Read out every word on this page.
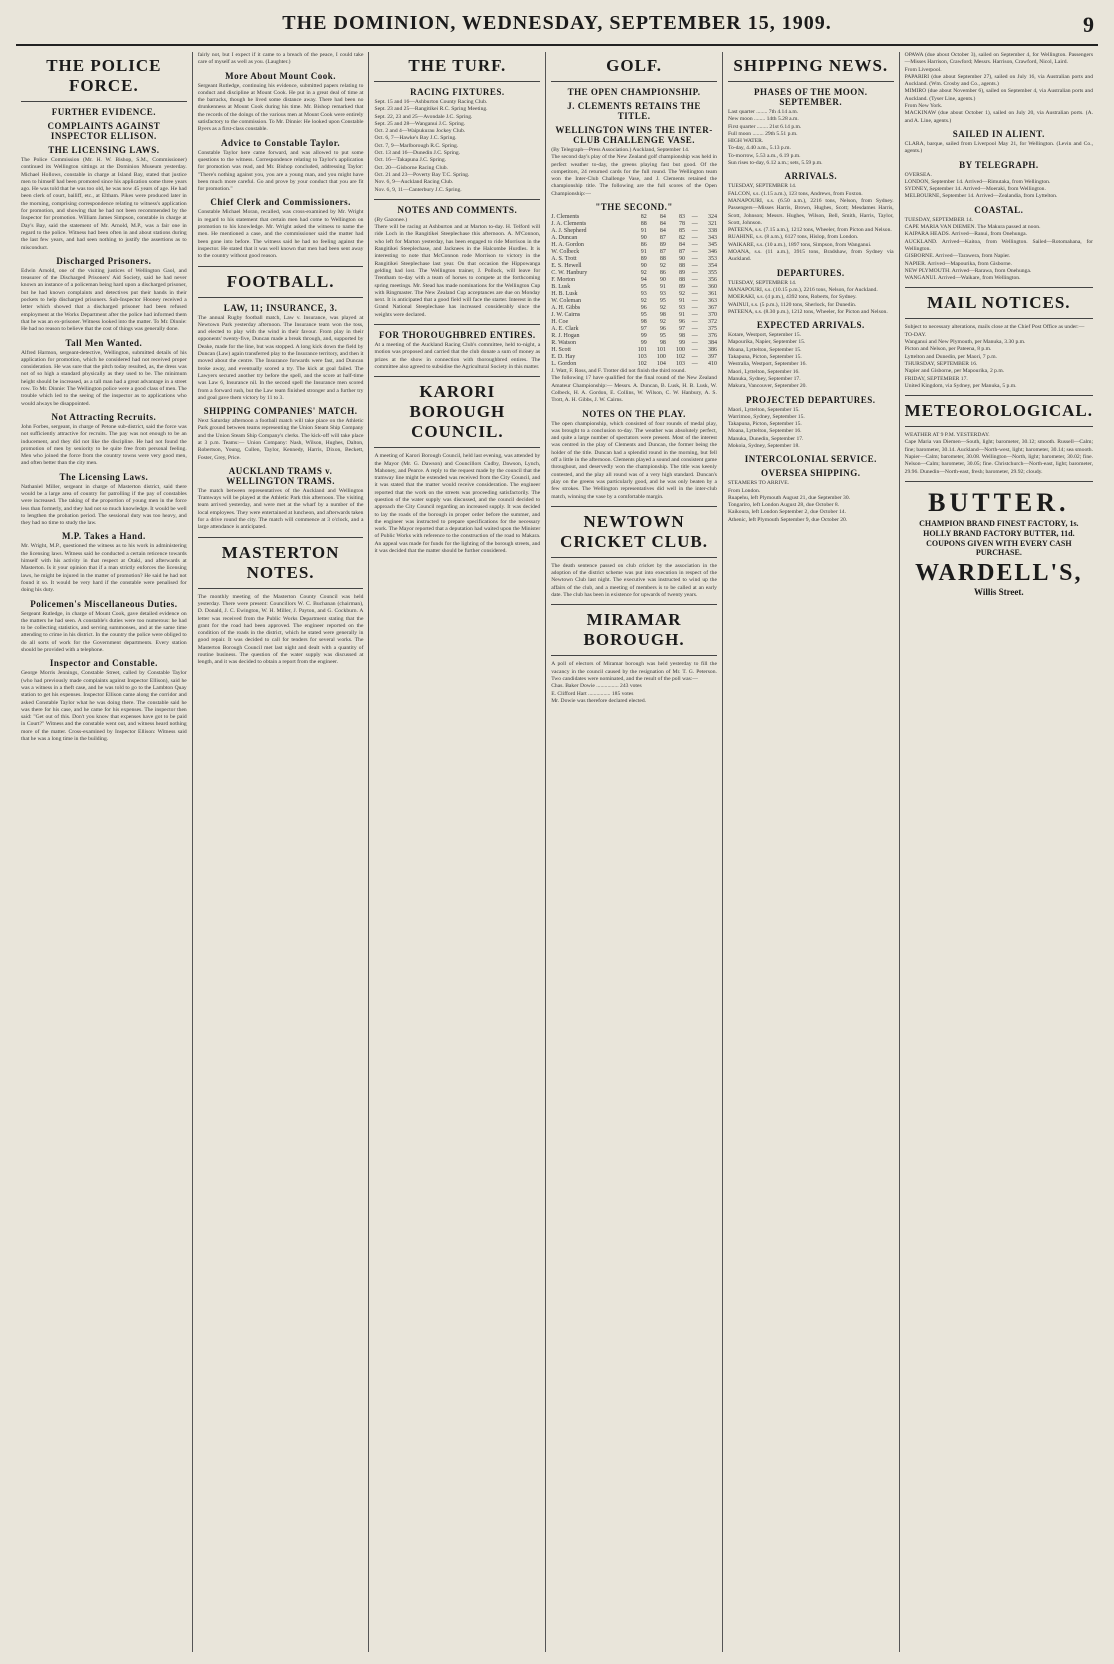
THE DOMINION, WEDNESDAY, SEPTEMBER 15, 1909.	9
THE POLICE FORCE.
FURTHER EVIDENCE.
COMPLAINTS AGAINST INSPECTOR ELLISON.
THE LICENSING LAWS.
The Police Commission (Mr. H. W. Bishop, S.M., Commissioner) continued its Wellington sittings at the Dominion Museum yesterday. Michael Hollows, constable in charge at Island Bay, stated that justice men to himself had been promoted since his application some three years ago. He was told that he was too old, he was now 45 years of age. He had been clerk of court, bailiff, etc., at Eltham. Pikes were produced later in the morning, comprising correspondence relating to witness's application for promotion, and showing that he had not been recommended by the Inspector for promotion. William James Simpson, constable in charge at Day's Bay, said the statement of Mr. Arnold, M.P., was a fair one in regard to the police. Witness had been often in and about stations during the last few years, and had seen nothing to justify the assertions as to misconduct.
Discharged Prisoners.
Edwin Arnold, one of the visiting justices of Wellington Gaol, and treasurer of the Discharged Prisoners' Aid Society, said he had never known an instance of a policeman being hard upon a discharged prisoner, but he had known complaints and detectives put their hands in their pockets to help discharged prisoners. Sub-Inspector Hooney received a letter which showed that a discharged prisoner had been refused employment at the Works Department after the police had informed them that he was an ex-prisoner. Witness looked into the matter. To Mr. Dinnie: He had no reason to believe that the cost of things was generally done.
Tall Men Wanted.
Alfred Harmon, sergeant-detective, Wellington, submitted details of his application for promotion, which he considered had not received proper consideration. He was sure that the pitch today resulted, as, the dress was not of so high a standard physically as they used to be. The minimum height should be increased, as a tall man had a great advantage in a street row. To Mr. Dinnie: The Wellington police were a good class of men. The trouble which led to the seeing of the inspector as to applications who would always be disappointed.
Not Attracting Recruits.
John Forbes, sergeant, in charge of Petone sub-district, said the force was not sufficiently attractive for recruits. The pay was not enough to be an inducement, and they did not like the discipline. He had not found the promotion of men by seniority to be quite free from personal feeling. Men who joined the force from the country towns were very good men, and often better than the city men.
The Licensing Laws.
Nathaniel Miller, sergeant in charge of Masterton district, said there would be a large area of country for patrolling if the pay of constables were increased. The taking of the proportion of young men in the force less than formerly, and they had not so much knowledge. It would be well to lengthen the probation period. The sessional duty was too heavy, and they had no time to study the law.
M.P. Takes a Hand.
Mr. Wright, M.P., questioned the witness as to his work in administering the licensing laws. Witness said he conducted a certain reticence towards himself with his activity in that respect at Otaki, and afterwards at Masterton. Is it your opinion that if a man strictly enforces the licensing laws, he might be injured in the matter of promotion? He said he had not found it so. It would be very hard if the constable were penalised for doing his duty.
Policemen's Miscellaneous Duties.
Sergeant Rutledge, in charge of Mount Cook, gave detailed evidence on the matters he had seen. A constable's duties were too numerous: he had to be collecting statistics, and serving summonses, and at the same time attending to crime in his district. In the country the police were obliged to do all sorts of work for the Government departments. Every station should be provided with a telephone.
Inspector and Constable.
George Morris Jennings, Constable Street, called by Constable Taylor (who had previously made complaints against Inspector Ellison), said he was a witness in a theft case, and he was told to go to the Lambton Quay station to get his expenses. Inspector Ellison came along the corridor and asked Constable Taylor what he was doing there. The constable said he was there for his case, and he came for his expenses. The inspector then said: "Get out of this. Don't you know that expenses have got to be paid in Court?" Witness and the constable went out, and witness heard nothing more of the matter. Cross-examined by Inspector Ellison: Witness said that he was a long time in the building.
fairly not, but I expect if it came to a breach of the peace, I could take care of myself as well as you. (Laughter.)
More About Mount Cook.
Sergeant Rutledge, continuing his evidence, submitted papers relating to conduct and discipline at Mount Cook. He put in a great deal of time at the barracks, though he lived some distance away. There had been no drunkenness at Mount Cook during his time. Mr. Bishop remarked that the records of the doings of the various men at Mount Cook were entirely satisfactory to the commission. To Mr. Dinnie: He looked upon Constable Byers as a first-class constable.
Advice to Constable Taylor.
Constable Taylor here came forward, and was allowed to put some questions to the witness. Correspondence relating to Taylor's application for promotion was read, and Mr. Bishop concluded, addressing Taylor: "There's nothing against you, you are a young man, and you might have been much more careful. Go and prove by your conduct that you are fit for promotion."
Chief Clerk and Commissioners.
Constable Michael Moran, recalled, was cross-examined by Mr. Wright in regard to his statement that certain men had come to Wellington on promotion to his knowledge. Mr. Wright asked the witness to name the men. He mentioned a case, and the commissioner said the matter had been gone into before. The witness said he had no feeling against the inspector. He stated that it was well known that men had been sent away to the country without good reason.
FOOTBALL.
LAW, 11; INSURANCE, 3.
The annual Rugby football match, Law v. Insurance, was played at Newtown Park yesterday afternoon. The Insurance team won the toss, and elected to play with the wind in their favour. From play in their opponents' twenty-five, Duncan made a break through, and, supported by Deake, made for the line, but was stopped. A long kick down the field by Duncan (Law) again transferred play to the Insurance territory, and then it moved about the centre. The Insurance forwards were fast, and Duncan broke away, and eventually scored a try. The kick at goal failed. The Lawyers secured another try before the spell, and the score at half-time was Law 6, Insurance nil. In the second spell the Insurance men scored from a forward rush, but the Law team finished stronger and a further try and goal gave them victory by 11 to 3.
SHIPPING COMPANIES' MATCH.
Next Saturday afternoon a football match will take place on the Athletic Park ground between teams representing the Union Steam Ship Company and the Union Steam Ship Company's clerks. The kick-off will take place at 3 p.m. Teams:— Union Company: Nash, Wilson, Hughes, Dalton, Robertson, Young, Cullen, Taylor, Kennedy, Harris, Dixon, Beckett, Foster, Grey, Price.
AUCKLAND TRAMS v. WELLINGTON TRAMS.
The match between representatives of the Auckland and Wellington Tramways will be played at the Athletic Park this afternoon. The visiting team arrived yesterday, and were met at the wharf by a number of the local employees. They were entertained at luncheon, and afterwards taken for a drive round the city. The match will commence at 3 o'clock, and a large attendance is anticipated.
MASTERTON NOTES.
The monthly meeting of the Masterton County Council was held yesterday. There were present: Councillors W. C. Buchanan (chairman), D. Donald, J. C. Ewington, W. H. Miller, J. Payton, and G. Cockburn. A letter was received from the Public Works Department stating that the grant for the road had been approved. The engineer reported on the condition of the roads in the district, which he stated were generally in good repair. It was decided to call for tenders for several works. The Masterton Borough Council met last night and dealt with a quantity of routine business. The question of the water supply was discussed at length, and it was decided to obtain a report from the engineer.
THE TURF.
RACING FIXTURES.
Sept. 15 and 16—Ashburton County Racing Club.
Sept. 23 and 25—Rangitikei R.C. Spring Meeting.
Sept. 22, 23 and 25—Avondale J.C. Spring.
Sept. 25 and 28—Wanganui J.C. Spring.
Oct. 2 and 4—Waipukurau Jockey Club.
Oct. 6, 7—Hawke's Bay J.C. Spring.
Oct. 7, 9—Marlborough R.C. Spring.
Oct. 13 and 16—Dunedin J.C. Spring.
Oct. 16—Takapuna J.C. Spring.
Oct. 20—Gisborne Racing Club.
Oct. 21 and 23—Poverty Bay T.C. Spring.
Nov. 6, 9—Auckland Racing Club.
Nov. 6, 9, 11—Canterbury J.C. Spring.
NOTES AND COMMENTS.
(By Gazonee.)
There will be racing at Ashburton and at Marton to-day. H. Telford will ride Loch in the Rangitikei Steeplechase this afternoon. A. M'Connon, who left for Marton yesterday, has been engaged to ride Morrison in the Rangitikei Steeplechase, and Jacknees in the Halcombe Hurdles. It is interesting to note that McConnon rode Morrison to victory in the Rangitikei Steeplechase last year. On that occasion the Hippowanga gelding had lost. The Wellington trainer, J. Pollock, will leave for Trentham to-day with a team of horses to compete at the forthcoming spring meetings. Mr. Stead has made nominations for the Wellington Cup with Ringmaster. The New Zealand Cup acceptances are due on Monday next. It is anticipated that a good field will face the starter. Interest in the Grand National Steeplechase has increased considerably since the weights were declared.
FOR THOROUGHBRED ENTIRES.
At a meeting of the Auckland Racing Club's committee, held to-night, a motion was proposed and carried that the club donate a sum of money as prizes at the show in connection with thoroughbred entires. The committee also agreed to subsidise the Agricultural Society in this matter.
KARORI BOROUGH COUNCIL.
A meeting of Karori Borough Council, held last evening, was attended by the Mayor (Mr. G. Dawson) and Councillors Cudby, Dawson, Lynch, Mahoney, and Pearce. A reply to the request made by the council that the tramway line might be extended was received from the City Council, and it was stated that the matter would receive consideration. The engineer reported that the work on the streets was proceeding satisfactorily. The question of the water supply was discussed, and the council decided to approach the City Council regarding an increased supply. It was decided to lay the roads of the borough in proper order before the summer, and the engineer was instructed to prepare specifications for the necessary work. The Mayor reported that a deputation had waited upon the Minister of Public Works with reference to the construction of the road to Makara. An appeal was made for funds for the lighting of the borough streets, and it was decided that the matter should be further considered.
GOLF.
THE OPEN CHAMPIONSHIP.
J. CLEMENTS RETAINS THE TITLE.
WELLINGTON WINS THE INTER-CLUB CHALLENGE VASE.
(By Telegraph—Press Association.) Auckland, September 14.
The second day's play of the New Zealand golf championship was held in perfect weather to-day, the greens playing fast but good. Of the competitors, 24 returned cards for the full round. The Wellington team won the Inter-Club Challenge Vase, and J. Clements retained the championship title. The following are the full scores of the Open Championship:—
"THE SECOND."
J. Clements	82	84	83	—	324
J. A. Clements	88	84	78	—	321
A. J. Shepherd	91	84	85	—	338
A. Duncan	90	87	82	—	343
H. A. Gordon	86	89	84	—	345
W. Colbeck	91	87	87	—	346
A. S. Trott	89	88	90	—	353
E. S. Hewell	90	92	88	—	354
C. W. Hanbury	92	86	89	—	355
F. Morton	94	90	88	—	356
B. Lusk	95	91	89	—	360
H. B. Lusk	93	93	92	—	361
W. Coleman	92	95	91	—	363
A. H. Gibbs	96	92	93	—	367
J. W. Cairns	95	98	91	—	370
H. Coe	98	92	96	—	372
A. E. Clark	97	96	97	—	375
R. J. Hogan	99	95	98	—	376
R. Watson	99	98	99	—	384
H. Scott	101	101	100	—	386
E. D. Hay	103	100	102	—	397
L. Gordon	102	104	103	—	410
J. Watt, F. Ross, and F. Trotter did not finish the third round.
The following 17 have qualified for the final round of the New Zealand Amateur Championship:— Messrs. A. Duncan, B. Lusk, H. B. Lusk, W. Colbeck, H. A. Gordon, E. Collins, W. Wilson, C. W. Hanbury, A. S. Trott, A. H. Gibbs, J. W. Cairns.
NOTES ON THE PLAY.
The open championship, which consisted of four rounds of medal play, was brought to a conclusion to-day. The weather was absolutely perfect, and quite a large number of spectators were present. Most of the interest was centred in the play of Clements and Duncan, the former being the holder of the title. Duncan had a splendid round in the morning, but fell off a little in the afternoon. Clements played a sound and consistent game throughout, and deservedly won the championship. The title was keenly contested, and the play all round was of a very high standard. Duncan's play on the greens was particularly good, and he was only beaten by a few strokes. The Wellington representatives did well in the inter-club match, winning the vase by a comfortable margin.
NEWTOWN CRICKET CLUB.
The death sentence passed on club cricket by the association in the adoption of the district scheme was put into execution in respect of the Newtown Club last night. The executive was instructed to wind up the affairs of the club, and a meeting of members is to be called at an early date. The club has been in existence for upwards of twenty years.
MIRAMAR BOROUGH.
A poll of electors of Miramar borough was held yesterday to fill the vacancy in the council caused by the resignation of Mr. T. G. Peterson. Two candidates were nominated, and the result of the poll was:—
Chas. Baker Dowie ................ 243 votes
E. Clifford Hart ................ 185 votes
Mr. Dowie was therefore declared elected.
SHIPPING NEWS.
PHASES OF THE MOON. SEPTEMBER.
Last quarter ........ 7th 4.14 a.m.
New moon ........ 14th 5.28 a.m.
First quarter ........ 21st 6.14 p.m.
Full moon ........ 29th 5.51 p.m.
HIGH WATER.
To-day, 4.40 a.m., 5.13 p.m.
To-morrow, 5.53 a.m., 6.19 p.m.
Sun rises to-day, 6.12 a.m.; sets, 5.59 p.m.
ARRIVALS.
TUESDAY, SEPTEMBER 14.
FALCON, s.s. (1.15 a.m.), 123 tons, Andrews, from Foxton.
MANAPOURI, s.s. (6.50 a.m.), 2216 tons, Nelson, from Sydney. Passengers—Misses Harris, Brown, Hughes, Scott; Mesdames Harris, Scott, Johnson; Messrs. Hughes, Wilson, Bell, Smith, Harris, Taylor, Scott, Johnson.
PATEENA, s.s. (7.15 a.m.), 1212 tons, Wheeler, from Picton and Nelson.
RUAHINE, s.s. (8 a.m.), 6127 tons, Hislop, from London.
WAIKARE, s.s. (10 a.m.), 1897 tons, Simpson, from Wanganui.
MOANA, s.s. (11 a.m.), 3915 tons, Bradshaw, from Sydney via Auckland.
DEPARTURES.
TUESDAY, SEPTEMBER 14.
MANAPOURI, s.s. (10.15 p.m.), 2216 tons, Nelson, for Auckland.
MOERAKI, s.s. (4 p.m.), 4392 tons, Roberts, for Sydney.
WAINUI, s.s. (5 p.m.), 1120 tons, Sherlock, for Dunedin.
PATEENA, s.s. (8.30 p.m.), 1212 tons, Wheeler, for Picton and Nelson.
EXPECTED ARRIVALS.
Kotare, Westport, September 15.
Mapourika, Napier, September 15.
Moana, Lyttelton, September 15.
Takapuna, Picton, September 15.
Westralia, Westport, September 16.
Maori, Lyttelton, September 16.
Manuka, Sydney, September 17.
Makura, Vancouver, September 20.
PROJECTED DEPARTURES.
Maori, Lyttelton, September 15.
Warrimoo, Sydney, September 15.
Takapuna, Picton, September 15.
Moana, Lyttelton, September 16.
Manuka, Dunedin, September 17.
Mokoia, Sydney, September 18.
INTERCOLONIAL SERVICE.
OVERSEA SHIPPING.
STEAMERS TO ARRIVE.
From London.
Ruapehu, left Plymouth August 21, due September 30.
Tongariro, left London August 28, due October 8.
Kaikoura, left London September 2, due October 14.
Athenic, left Plymouth September 9, due October 20.
OPAWA (due about October 3), sailed on September 4, for Wellington. Passengers—Misses Harrison, Crawford; Messrs. Harrison, Crawford, Nicol, Laird.
From Liverpool.
PAPARIRI (due about September 27), sailed on July 16, via Australian ports and Auckland. (Wm. Crosby and Co., agents.)
MIMIRO (due about November 6), sailed on September 4, via Australian ports and Auckland. (Tyser Line, agents.)
From New York.
MACKINAW (due about October 1), sailed on July 20, via Australian ports. (A. and A. Line, agents.)
SAILED IN ALIENT.
CLARA, barque, sailed from Liverpool May 21, for Wellington. (Levin and Co., agents.)
BY TELEGRAPH.
OVERSEA.
LONDON, September 14. Arrived—Rimutaka, from Wellington.
SYDNEY, September 14. Arrived—Moeraki, from Wellington.
MELBOURNE, September 14. Arrived—Zealandia, from Lyttelton.
COASTAL.
TUESDAY, SEPTEMBER 14.
CAPE MARIA VAN DIEMEN. The Makura passed at noon.
KAIPARA HEADS. Arrived—Ranui, from Onehunga.
AUCKLAND. Arrived—Kaitoa, from Wellington. Sailed—Rotomahana, for Wellington.
GISBORNE. Arrived—Tarawera, from Napier.
NAPIER. Arrived—Mapourika, from Gisborne.
NEW PLYMOUTH. Arrived—Rarawa, from Onehunga.
WANGANUI. Arrived—Waikare, from Wellington.
MAIL NOTICES.
Subject to necessary alterations, mails close at the Chief Post Office as under:—
TO-DAY.
Wanganui and New Plymouth, per Manuka, 3.30 p.m.
Picton and Nelson, per Pateena, 8 p.m.
Lyttelton and Dunedin, per Maori, 7 p.m.
THURSDAY, SEPTEMBER 16.
Napier and Gisborne, per Mapourika, 2 p.m.
FRIDAY, SEPTEMBER 17.
United Kingdom, via Sydney, per Manuka, 5 p.m.
METEOROLOGICAL.
WEATHER AT 9 P.M. YESTERDAY.
Cape Maria van Diemen—South, light; barometer, 30.12; smooth. Russell—Calm; fine; barometer, 30.14. Auckland—North-west, light; barometer, 30.14; sea smooth. Napier—Calm; barometer, 30.08. Wellington—North, light; barometer, 30.02; fine. Nelson—Calm; barometer, 30.05; fine. Christchurch—North-east, light; barometer, 29.96. Dunedin—North-east, fresh; barometer, 29.92; cloudy.
BUTTER.
CHAMPION BRAND FINEST FACTORY, 1s.
HOLLY BRAND FACTORY BUTTER, 11d.
COUPONS GIVEN WITH EVERY CASH PURCHASE.
WARDELL'S,
Willis Street.
